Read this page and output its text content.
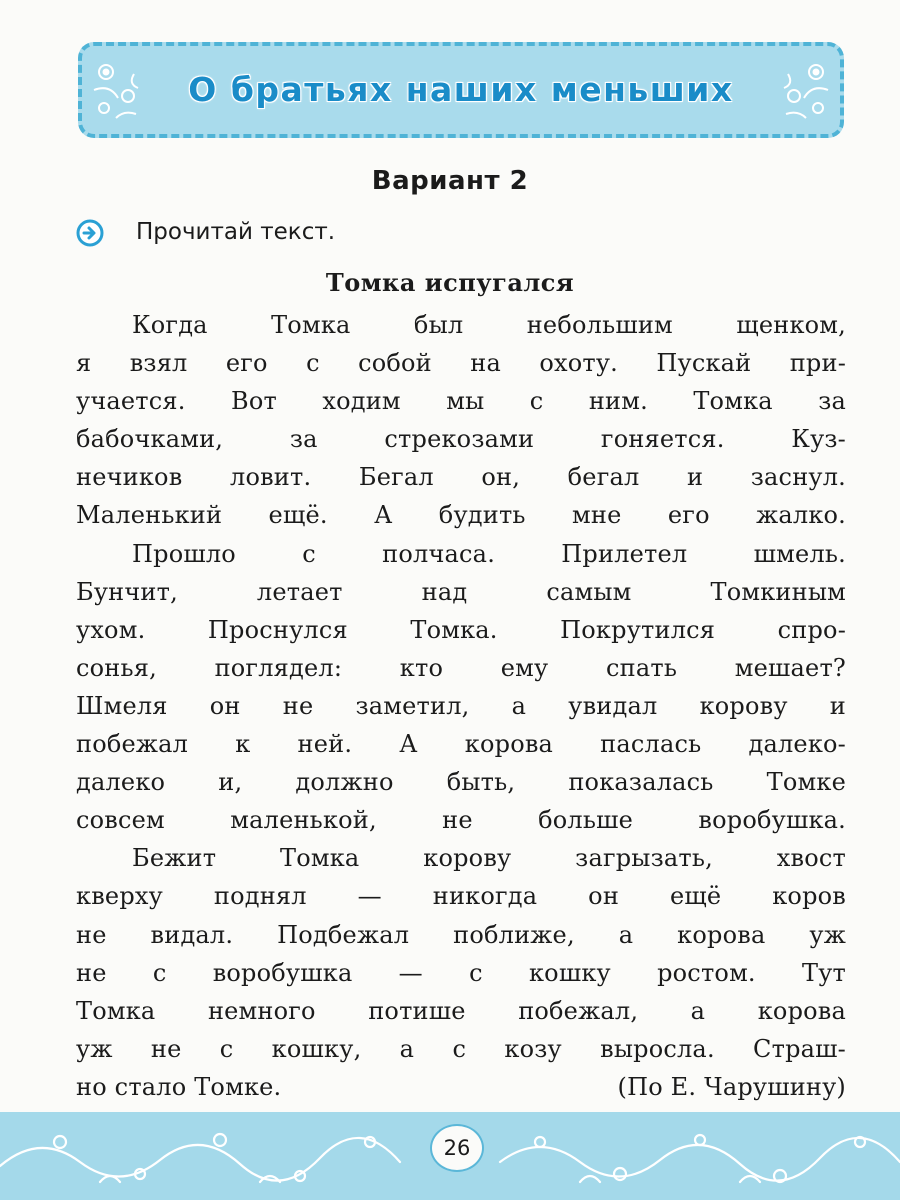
О братьях наших меньших
Вариант 2
Прочитай текст.
Томка испугался
Когда Томка был небольшим щенком,
я взял его с собой на охоту. Пускай при-
учается. Вот ходим мы с ним. Томка за
бабочками, за стрекозами гоняется. Куз-
нечиков ловит. Бегал он, бегал и заснул.
Маленький ещё. А будить мне его жалко.
Прошло с полчаса. Прилетел шмель.
Бунчит, летает над самым Томкиным
ухом. Проснулся Томка. Покрутился спро-
сонья, поглядел: кто ему спать мешает?
Шмеля он не заметил, а увидал корову и
побежал к ней. А корова паслась далеко-
далеко и, должно быть, показалась Томке
совсем маленькой, не больше воробушка.
Бежит Томка корову загрызать, хвост
кверху поднял — никогда он ещё коров
не видал. Подбежал поближе, а корова уж
не с воробушка — с кошку ростом. Тут
Томка немного потише побежал, а корова
уж не с кошку, а с козу выросла. Страш-
но стало Томке.	(По Е. Чарушину)
26
